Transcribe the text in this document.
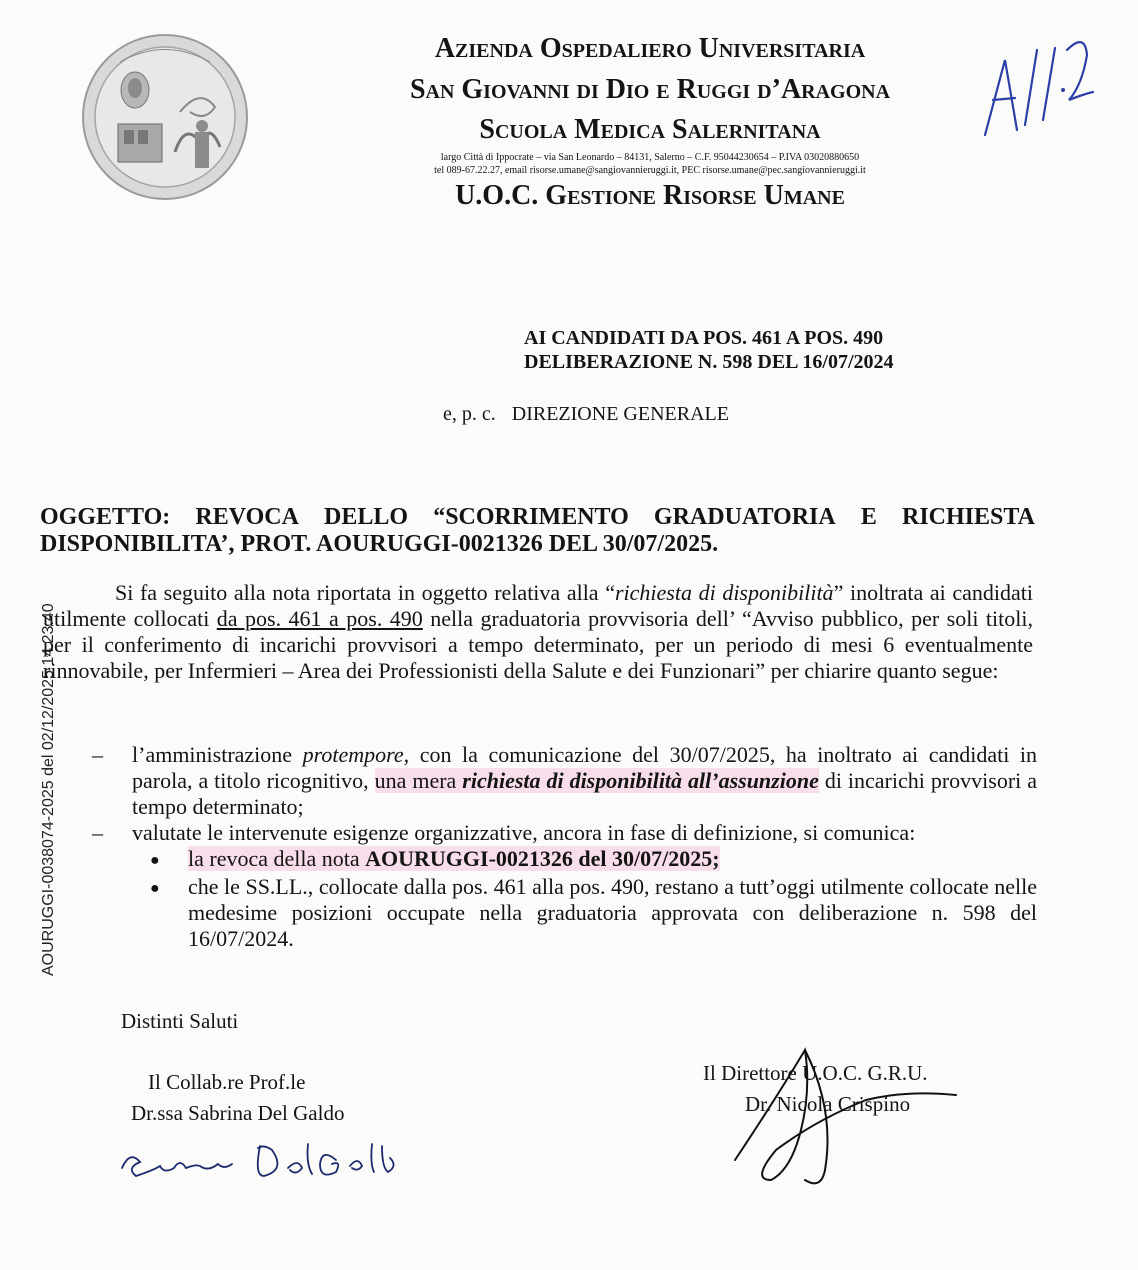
Azienda Ospedaliero Universitaria
San Giovanni di Dio e Ruggi d’Aragona
Scuola Medica Salernitana
largo Città di Ippocrate – via San Leonardo – 84131, Salerno – C.F. 95044230654 – P.IVA 03020880650
tel 089-67.22.27, email risorse.umane@sangiovannieruggi.it, PEC risorse.umane@pec.sangiovannieruggi.it
U.O.C. Gestione Risorse Umane
AI CANDIDATI DA POS. 461 A POS. 490
DELIBERAZIONE N. 598 DEL 16/07/2024
e, p. c. DIREZIONE GENERALE
OGGETTO: REVOCA DELLO “SCORRIMENTO GRADUATORIA E RICHIESTA
DISPONIBILITA’, PROT. AOURUGGI-0021326 DEL 30/07/2025.
AOURUGGI-0038074-2025 del 02/12/2025 14:23:40

Si fa seguito alla nota riportata in oggetto relativa alla “richiesta di disponibilità” inoltrata ai candidati utilmente collocati da pos. 461 a pos. 490 nella graduatoria provvisoria dell’ “Avviso pubblico, per soli titoli, per il conferimento di incarichi provvisori a tempo determinato, per un periodo di mesi 6 eventualmente rinnovabile, per Infermieri – Area dei Professionisti della Salute e dei Funzionari” per chiarire quanto segue:

–	l’amministrazione protempore, con la comunicazione del 30/07/2025, ha inoltrato ai candidati in parola, a titolo ricognitivo, una mera richiesta di disponibilità all’assunzione di incarichi provvisori a tempo determinato;
–	valutate le intervenute esigenze organizzative, ancora in fase di definizione, si comunica:
●	la revoca della nota AOURUGGI-0021326 del 30/07/2025;
●	che le SS.LL., collocate dalla pos. 461 alla pos. 490, restano a tutt’oggi utilmente collocate nelle medesime posizioni occupate nella graduatoria approvata con deliberazione n. 598 del 16/07/2024.
Distinti Saluti
Il Collab.re Prof.le
Dr.ssa Sabrina Del Galdo
Il Direttore U.O.C. G.R.U.
Dr. Nicola Crispino
